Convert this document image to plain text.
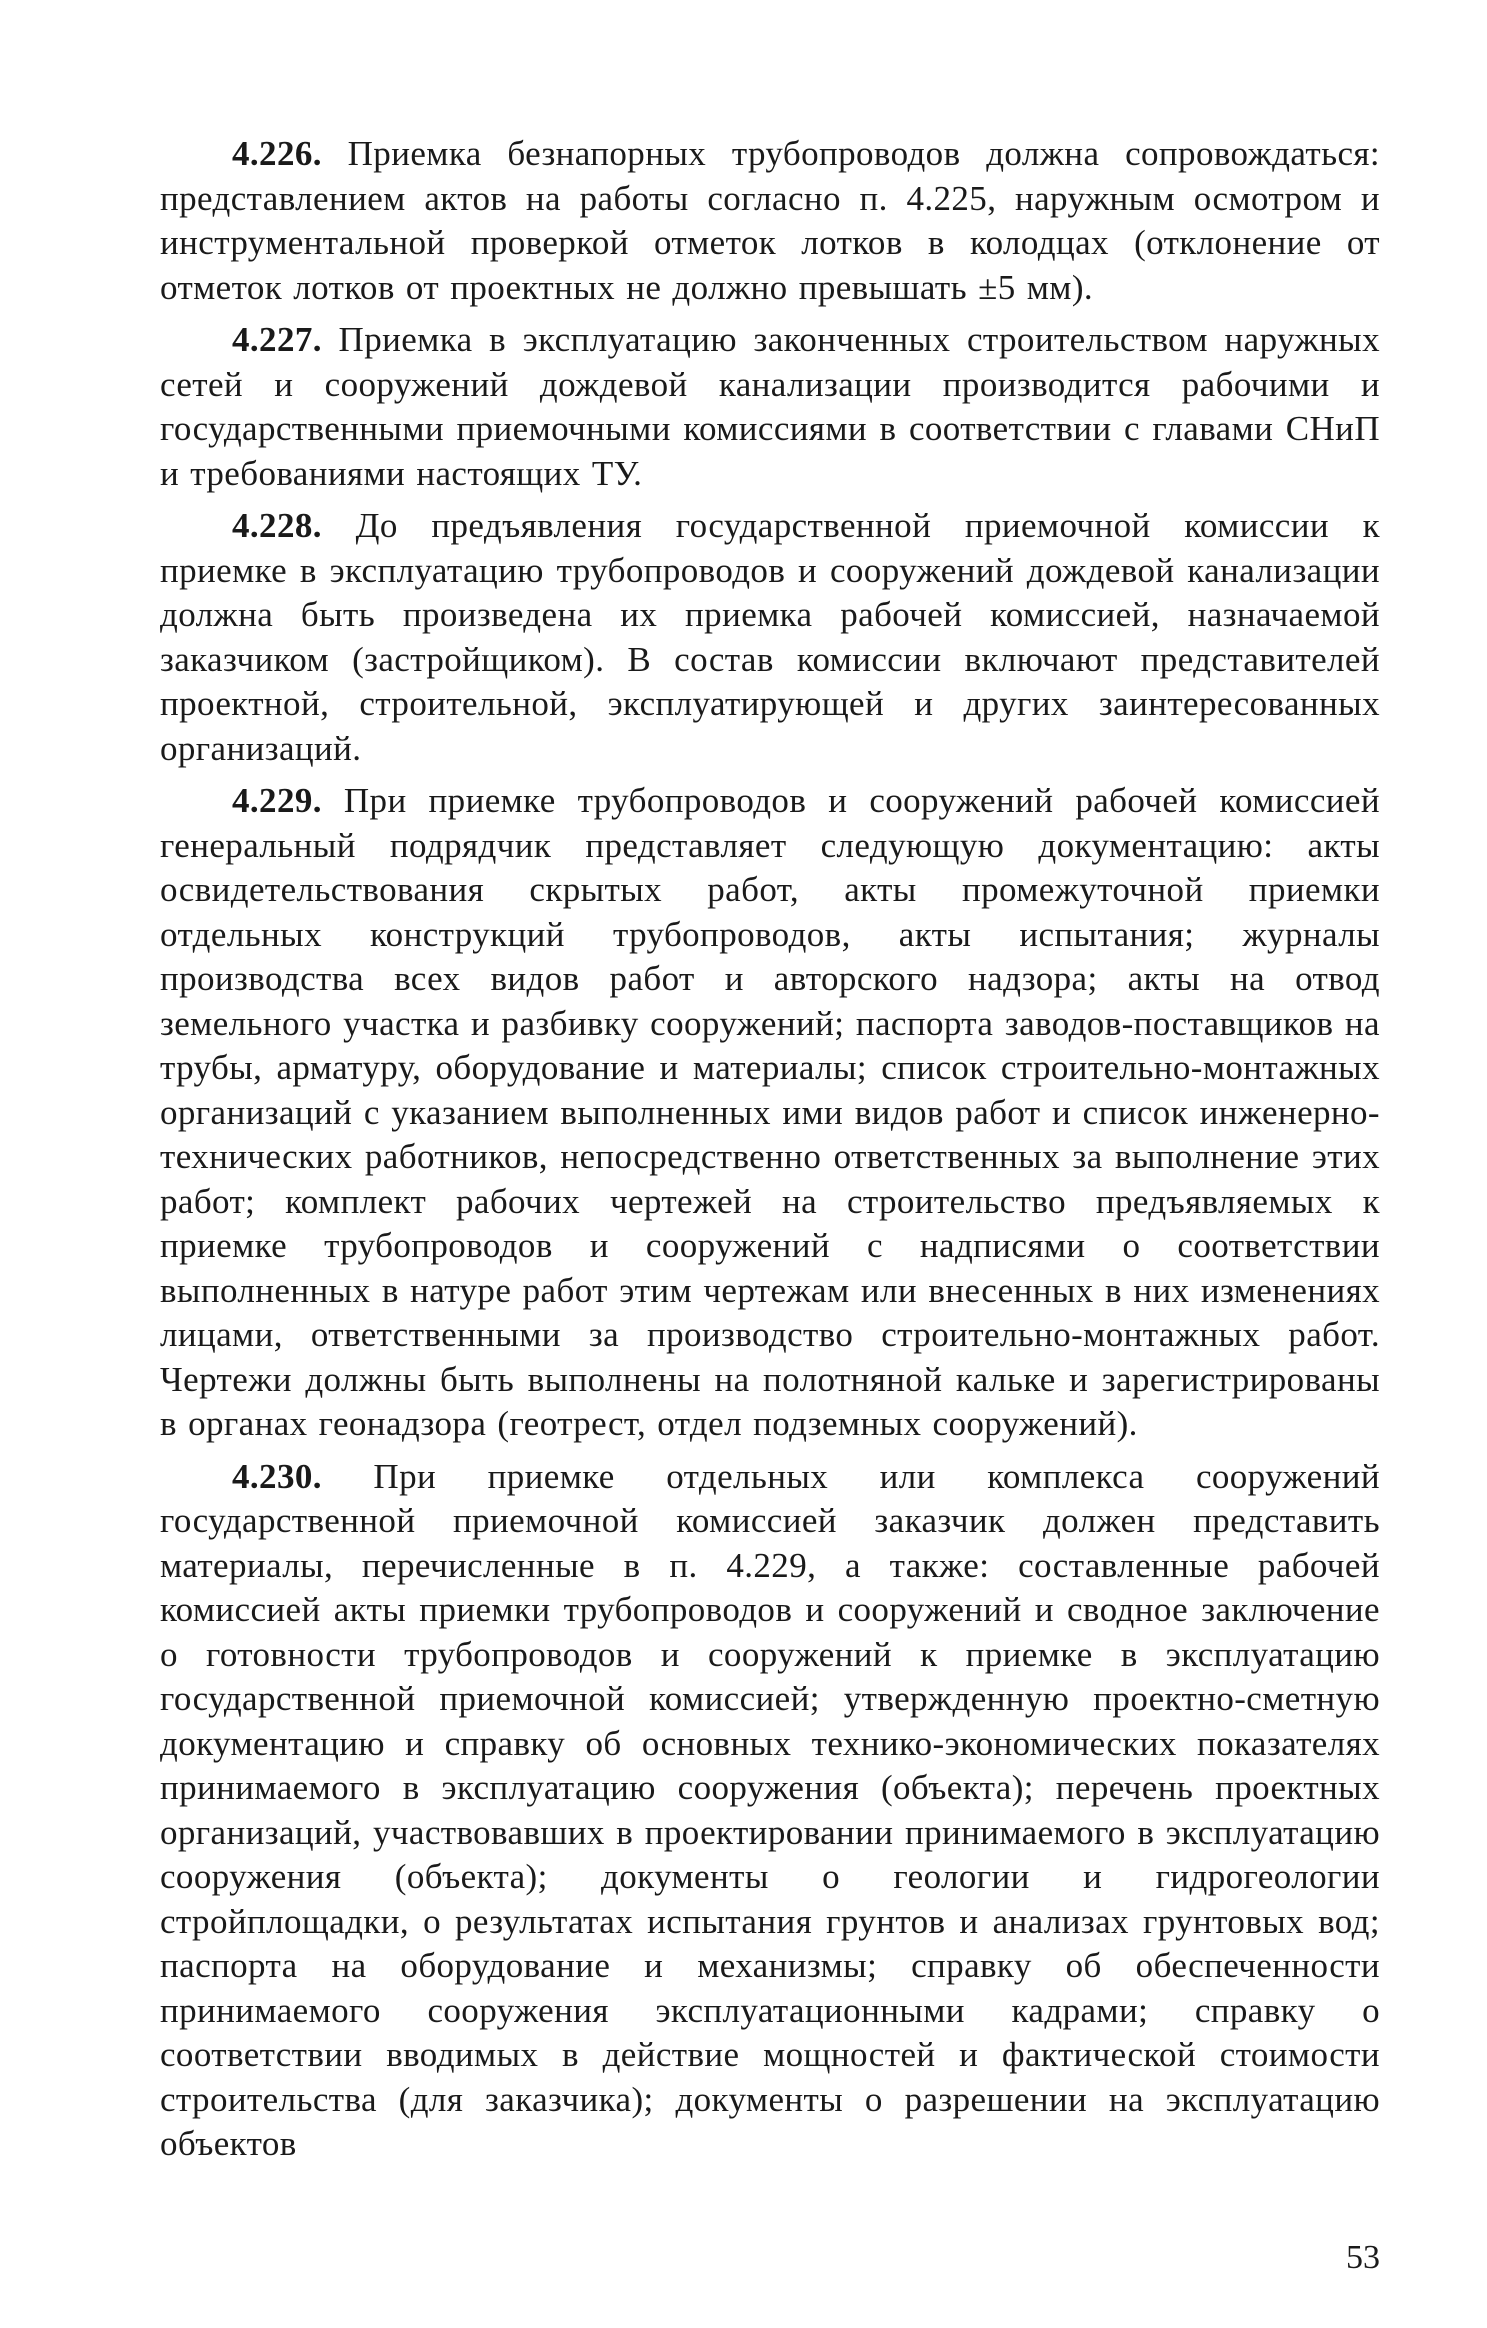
4.226. Приемка безнапорных трубопроводов должна сопровождаться: представлением актов на работы согласно п. 4.225, наружным осмотром и инструментальной проверкой отметок лотков в колодцах (отклонение от отметок лотков от проектных не должно превышать ±5 мм).

4.227. Приемка в эксплуатацию законченных строительством наружных сетей и сооружений дождевой канализации производится рабочими и государственными приемочными комиссиями в соответствии с главами СНиП и требованиями настоящих ТУ.

4.228. До предъявления государственной приемочной комиссии к приемке в эксплуатацию трубопроводов и сооружений дождевой канализации должна быть произведена их приемка рабочей комиссией, назначаемой заказчиком (застройщиком). В состав комиссии включают представителей проектной, строительной, эксплуатирующей и других заинтересованных организаций.

4.229. При приемке трубопроводов и сооружений рабочей комиссией генеральный подрядчик представляет следующую документацию: акты освидетельствования скрытых работ, акты промежуточной приемки отдельных конструкций трубопроводов, акты испытания; журналы производства всех видов работ и авторского надзора; акты на отвод земельного участка и разбивку сооружений; паспорта заводов-поставщиков на трубы, арматуру, оборудование и материалы; список строительно-монтажных организаций с указанием выполненных ими видов работ и список инженерно-технических работников, непосредственно ответственных за выполнение этих работ; комплект рабочих чертежей на строительство предъявляемых к приемке трубопроводов и сооружений с надписями о соответствии выполненных в натуре работ этим чертежам или внесенных в них изменениях лицами, ответственными за производство строительно-монтажных работ. Чертежи должны быть выполнены на полотняной кальке и зарегистрированы в органах геонадзора (геотрест, отдел подземных сооружений).

4.230. При приемке отдельных или комплекса сооружений государственной приемочной комиссией заказчик должен представить материалы, перечисленные в п. 4.229, а также: составленные рабочей комиссией акты приемки трубопроводов и сооружений и сводное заключение о готовности трубопроводов и сооружений к приемке в эксплуатацию государственной приемочной комиссией; утвержденную проектно-сметную документацию и справку об основных технико-экономических показателях принимаемого в эксплуатацию сооружения (объекта); перечень проектных организаций, участвовавших в проектировании принимаемого в эксплуатацию сооружения (объекта); документы о геологии и гидрогеологии стройплощадки, о результатах испытания грунтов и анализах грунтовых вод; паспорта на оборудование и механизмы; справку об обеспеченности принимаемого сооружения эксплуатационными кадрами; справку о соответствии вводимых в действие мощностей и фактической стоимости строительства (для заказчика); документы о разрешении на эксплуатацию объектов

53
